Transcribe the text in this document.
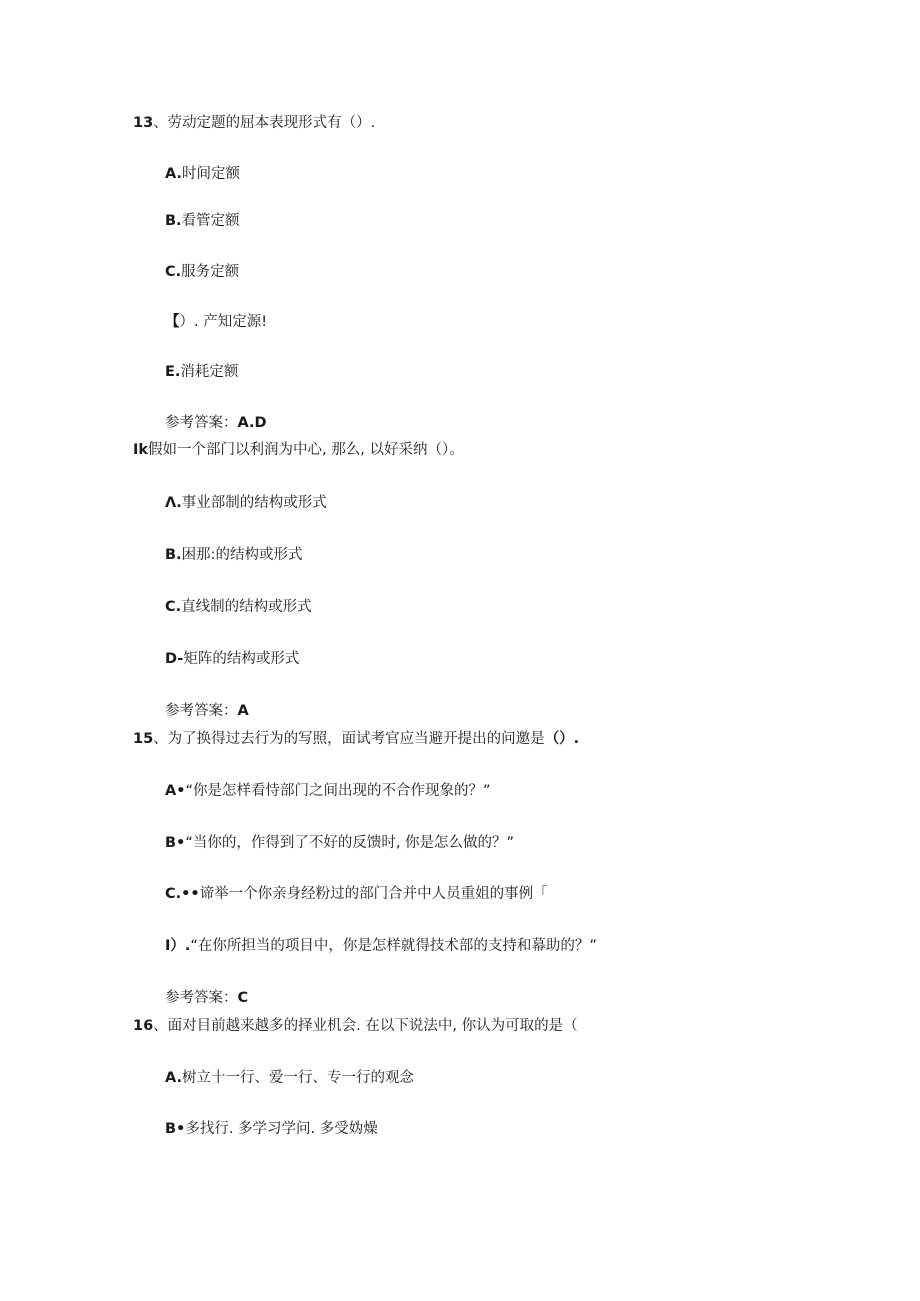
13、劳动定题的屈本表现形式有（）.
A.时间定额
B.看管定额
C.服务定额
【）. 产知定源!
E.消耗定额
参考答案：A.D
Ik假如一个部门以利润为中心, 那么, 以好采纳（）。
Λ.事业部制的结构或形式
B.困那:的结构或形式
C.直线制的结构或形式
D-矩阵的结构或形式
参考答案：A
15、为了换得过去行为的写照，面试考官应当避开提出的问邀是（）.
A•“你是怎样看恃部门之间出现的不合作现象的？”
B•“当你的，作得到了不好的反馈时, 你是怎么做的？”
C.••谛举一个你亲身经粉过的部门合并中人员重姐的事例「
I）.“在你所担当的项目中，你是怎样就得技术部的支持和幕助的？”
参考答案：C
16、面对目前越来越多的择业机会. 在以下说法中, 你认为可取的是（
A.树立十一行、爱一行、专一行的观念
B•多找行. 多学习学问. 多受妫燥
